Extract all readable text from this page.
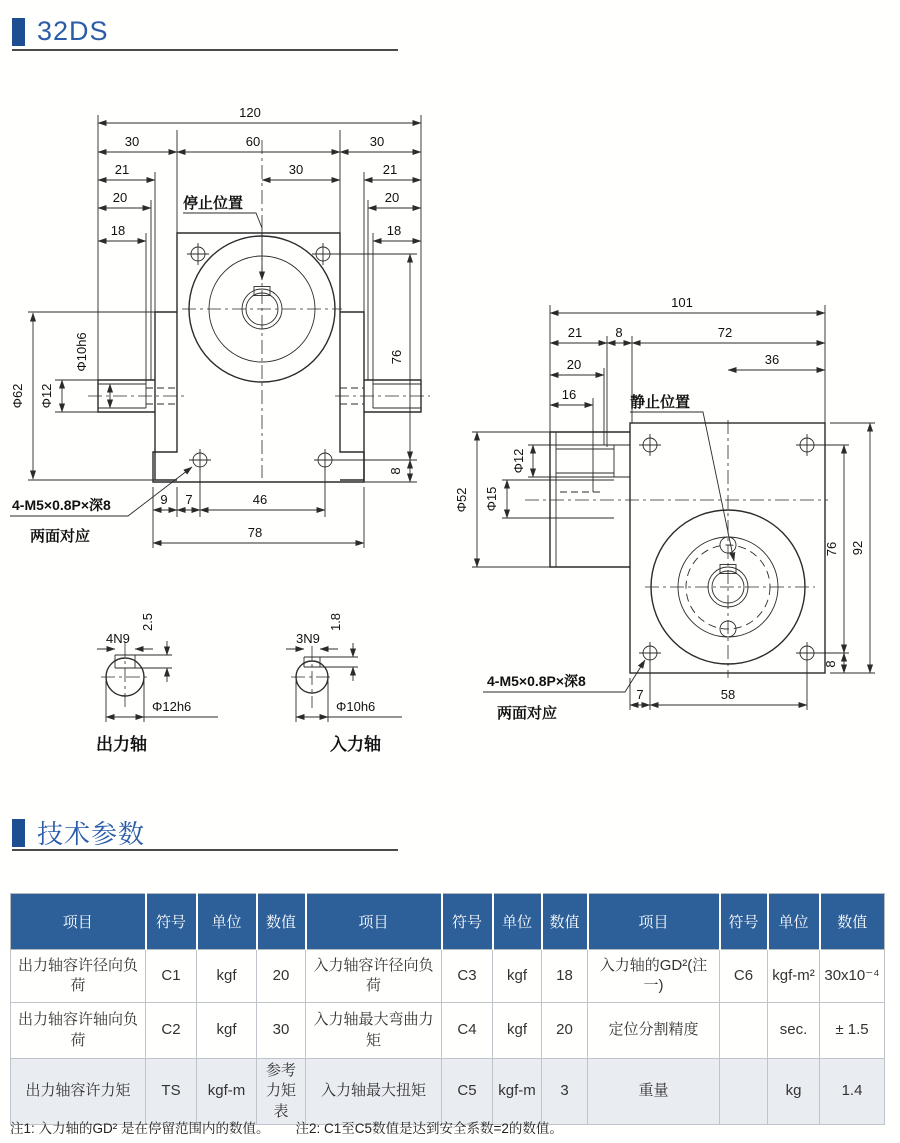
32DS
120
30	60	30
21	30	21
20	20
18	18
Φ62 Φ12
Φ10h6	76
8
9 7	46
78
停止位置
4-M5×0.8P×深8
两面对应
101
21	8	72
20
16
36
Φ52 Φ15
Φ12
76 92
8
7	58
静止位置
4-M5×0.8P×深8
两面对应
4N9
2.5
Φ12h6
出力轴
3N9
1.8
Φ10h6
入力轴
技术参数
项目	符号	单位	数值	项目	符号	单位	数值	项目	符号	单位	数值
出力轴容许径向负荷	C1	kgf	20	入力轴容许径向负荷	C3	kgf	18	入力轴的GD²(注一)	C6	kgf-m²	30x10⁻⁴
出力轴容许轴向负荷	C2	kgf	30	入力轴最大弯曲力矩	C4	kgf	20	定位分割精度		sec.	± 1.5
出力轴容许力矩	TS	kgf-m	参考力矩表	入力轴最大扭矩	C5	kgf-m	3	重量		kg	1.4
注1: 入力轴的GD² 是在停留范围内的数值。 注2: C1至C5数值是达到安全系数=2的数值。
